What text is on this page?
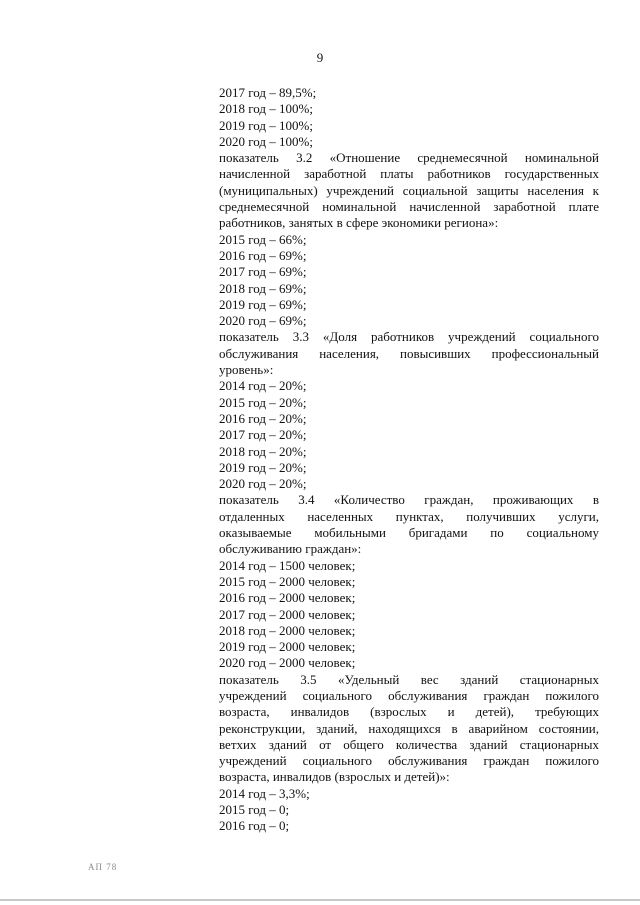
9
2017 год – 89,5%;
2018 год – 100%;
2019 год – 100%;
2020 год – 100%;
показатель 3.2 «Отношение среднемесячной номинальной
начисленной заработной платы работников государственных
(муниципальных) учреждений социальной защиты населения к
среднемесячной номинальной начисленной заработной плате
работников, занятых в сфере экономики региона»:
2015 год – 66%;
2016 год – 69%;
2017 год – 69%;
2018 год – 69%;
2019 год – 69%;
2020 год – 69%;
показатель 3.3 «Доля работников учреждений социального
обслуживания населения, повысивших профессиональный
уровень»:
2014 год – 20%;
2015 год – 20%;
2016 год – 20%;
2017 год – 20%;
2018 год – 20%;
2019 год – 20%;
2020 год – 20%;
показатель 3.4 «Количество граждан, проживающих в
отдаленных населенных пунктах, получивших услуги,
оказываемые мобильными бригадами по социальному
обслуживанию граждан»:
2014 год – 1500 человек;
2015 год – 2000 человек;
2016 год – 2000 человек;
2017 год – 2000 человек;
2018 год – 2000 человек;
2019 год – 2000 человек;
2020 год – 2000 человек;
показатель 3.5 «Удельный вес зданий стационарных
учреждений социального обслуживания граждан пожилого
возраста, инвалидов (взрослых и детей), требующих
реконструкции, зданий, находящихся в аварийном состоянии,
ветхих зданий от общего количества зданий стационарных
учреждений социального обслуживания граждан пожилого
возраста, инвалидов (взрослых и детей)»:
2014 год – 3,3%;
2015 год – 0;
2016 год – 0;
АП 78
